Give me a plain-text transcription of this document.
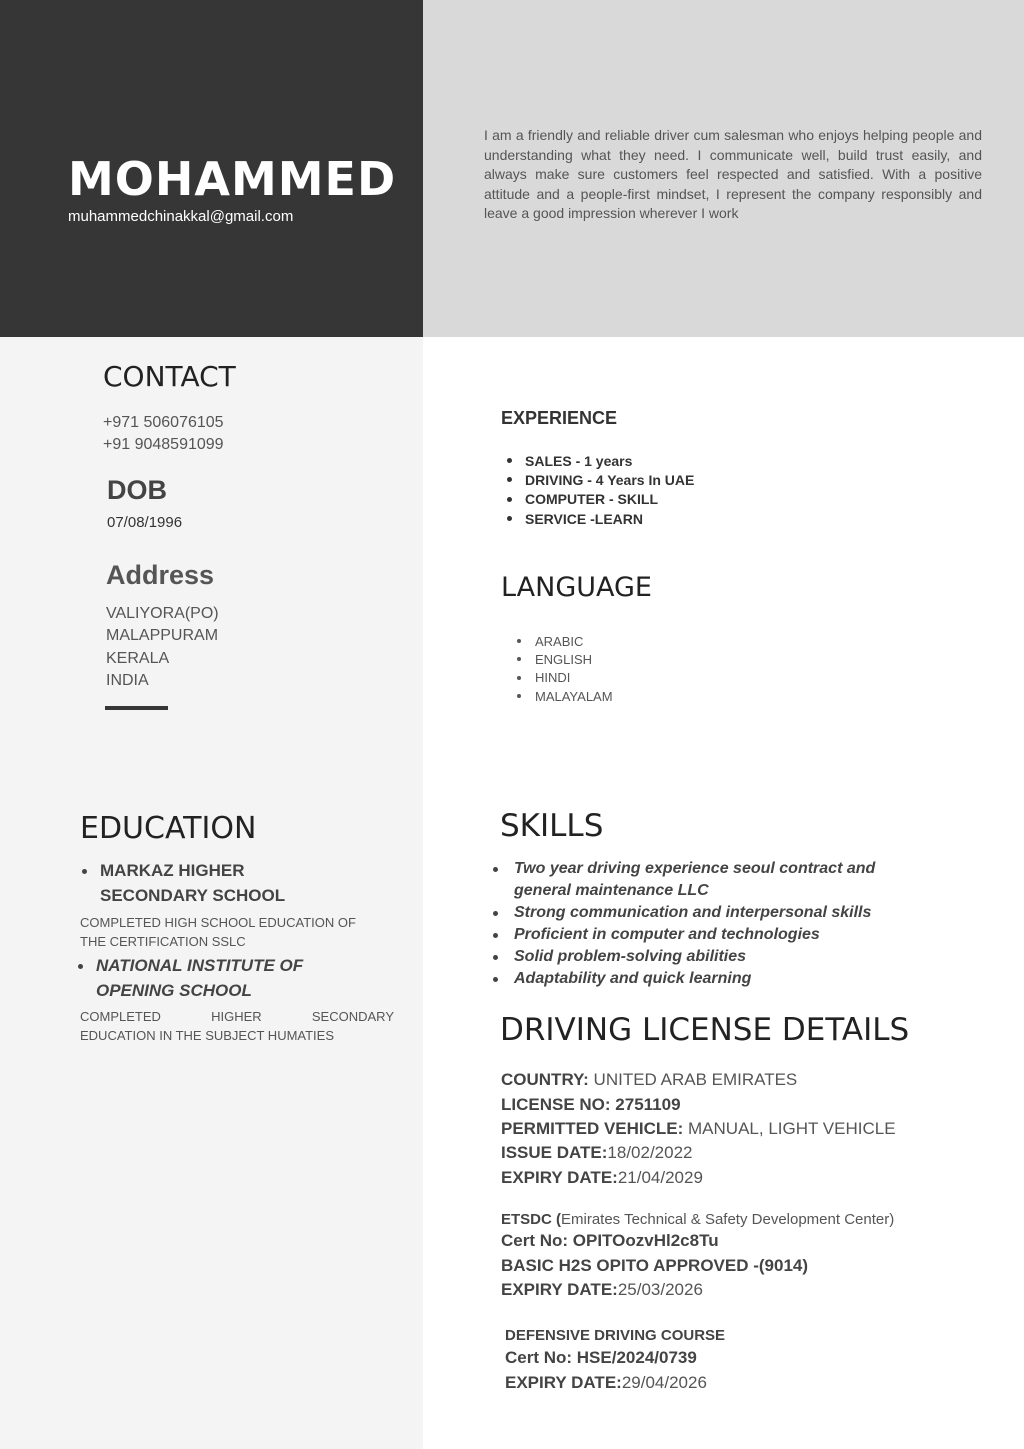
MOHAMMED
muhammedchinakkal@gmail.com

I am a friendly and reliable driver cum salesman who enjoys helping people and understanding what they need. I communicate well, build trust easily, and always make sure customers feel respected and satisfied. With a positive attitude and a people-first mindset, I represent the company responsibly and leave a good impression wherever I work

CONTACT
+971 506076105
+91 9048591099
DOB
07/08/1996
Address
VALIYORA(PO)
MALAPPURAM
KERALA
INDIA
EXPERIENCE
SALES - 1 years
DRIVING - 4 Years In UAE
COMPUTER - SKILL
SERVICE -LEARN
LANGUAGE
ARABIC
ENGLISH
HINDI
MALAYALAM
EDUCATION
MARKAZ HIGHER
SECONDARY SCHOOL
COMPLETED HIGH SCHOOL EDUCATION OF
THE CERTIFICATION SSLC
NATIONAL INSTITUTE OF
OPENING SCHOOL
COMPLETED HIGHER SECONDARY
EDUCATION IN THE SUBJECT HUMATIES
SKILLS
Two year driving experience seoul contract and general maintenance LLC
Strong communication and interpersonal skills
Proficient in computer and technologies
Solid problem-solving abilities
Adaptability and quick learning
DRIVING LICENSE DETAILS
COUNTRY: UNITED ARAB EMIRATES
LICENSE NO: 2751109
PERMITTED VEHICLE: MANUAL, LIGHT VEHICLE
ISSUE DATE:18/02/2022
EXPIRY DATE:21/04/2029
ETSDC (Emirates Technical & Safety Development Center)
Cert No: OPITOozvHl2c8Tu
BASIC H2S OPITO APPROVED -(9014)
EXPIRY DATE:25/03/2026
DEFENSIVE DRIVING COURSE
Cert No: HSE/2024/0739
EXPIRY DATE:29/04/2026
